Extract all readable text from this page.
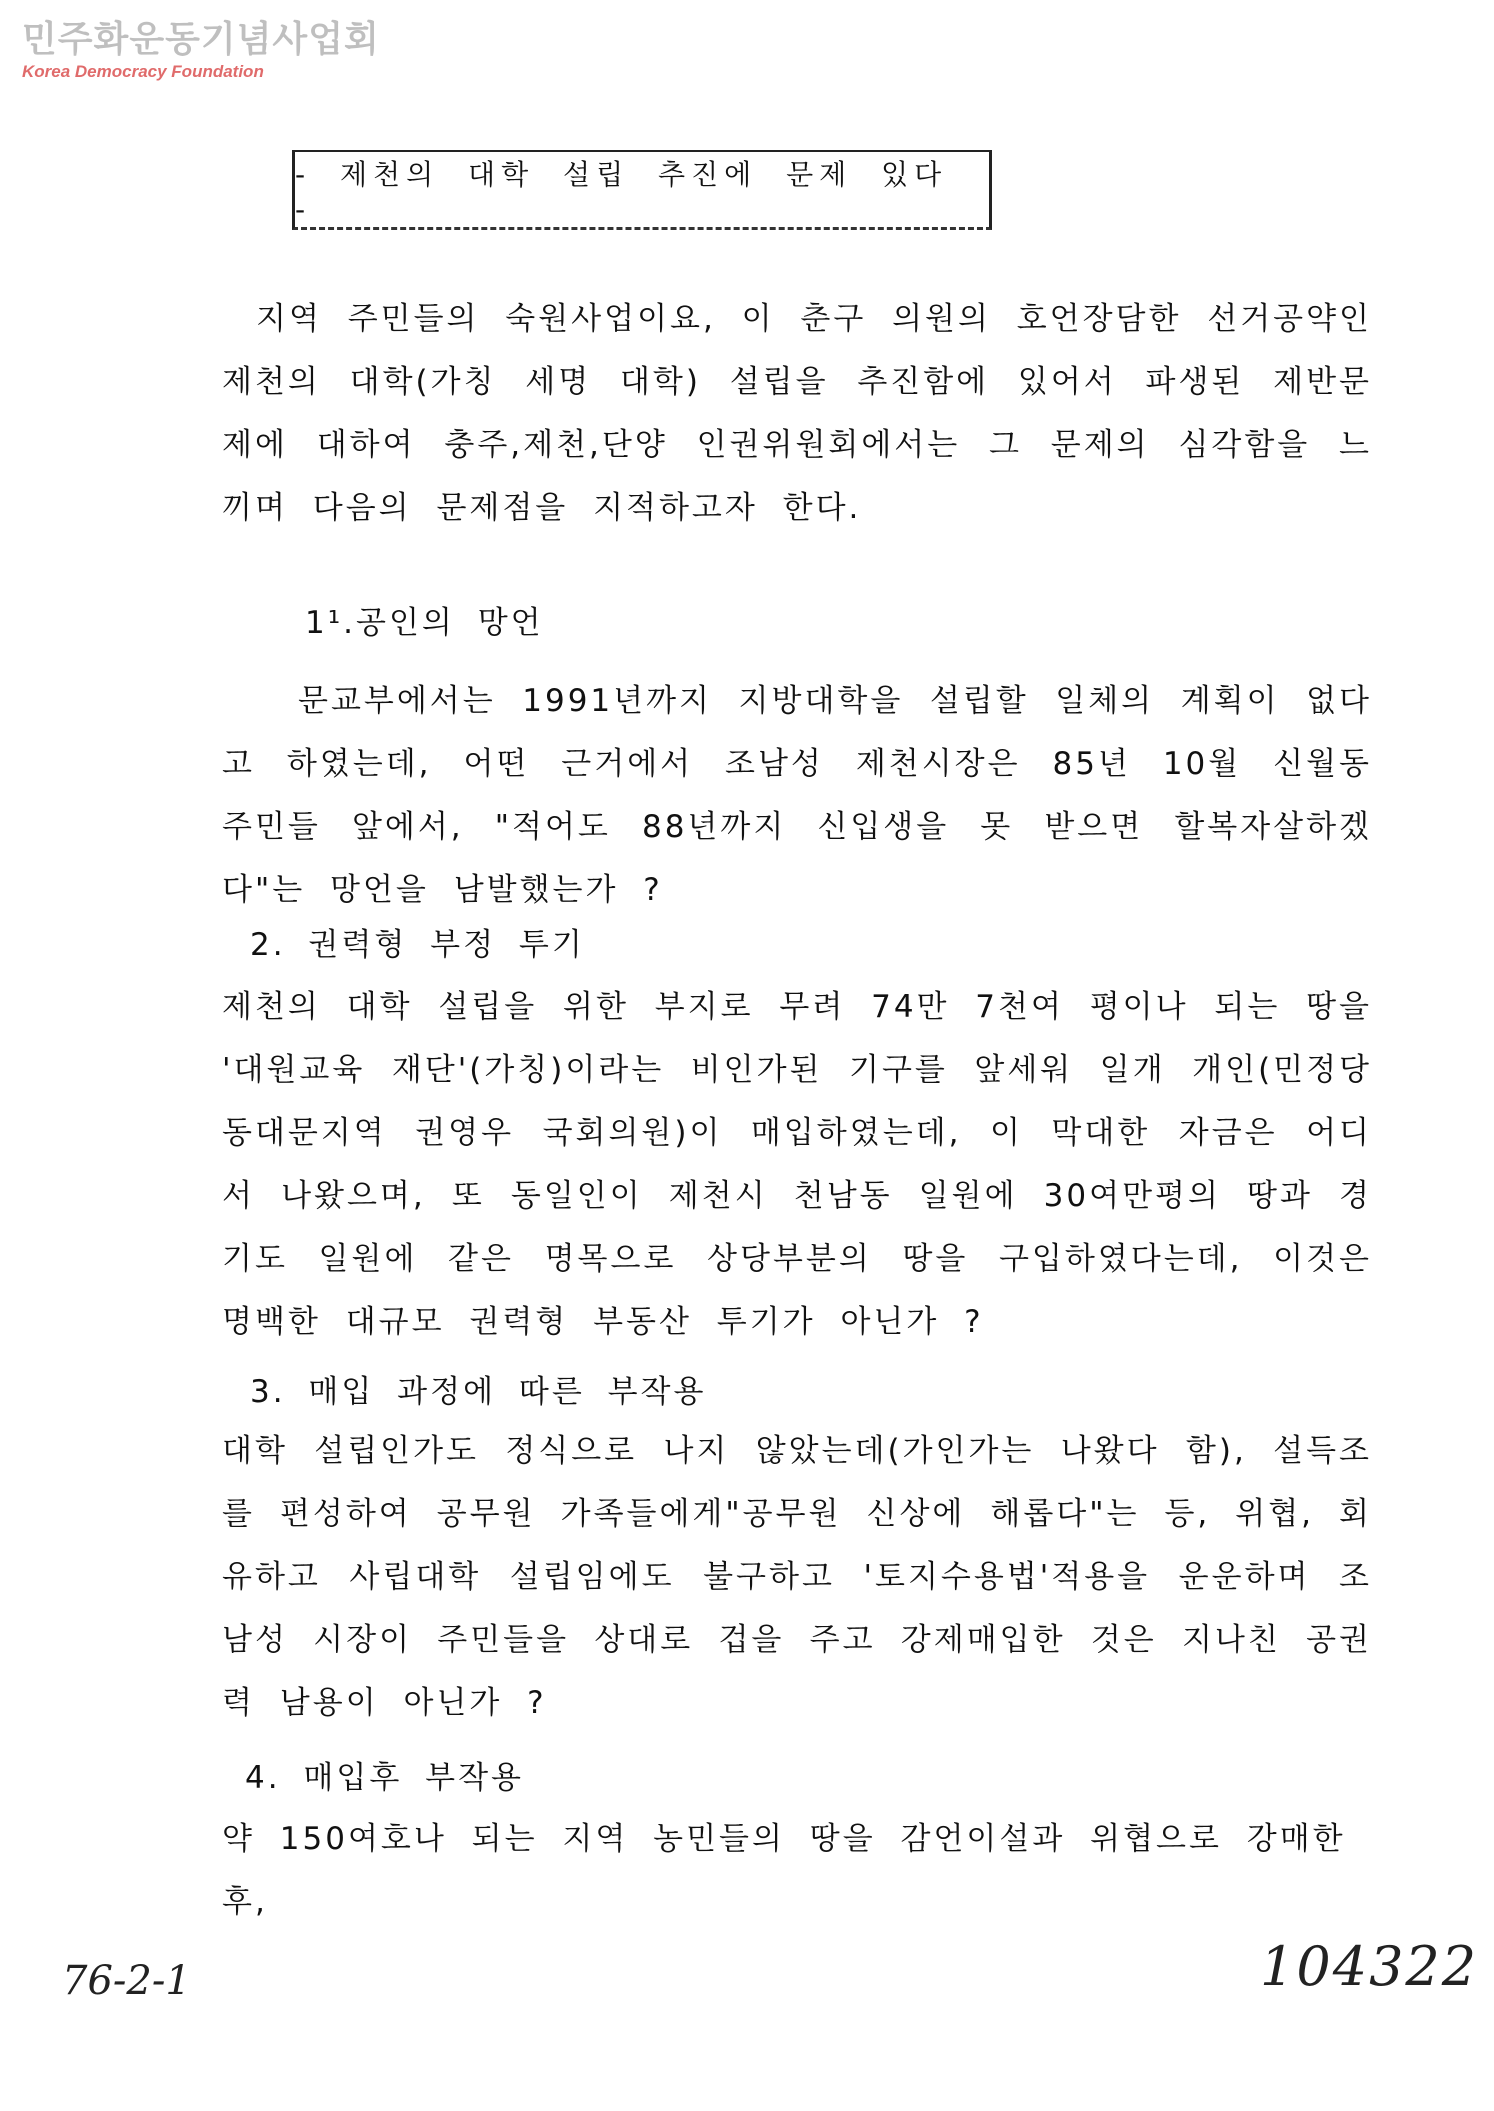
민주화운동기념사업회
Korea Democracy Foundation
- 제천의 대학 설립 추진에 문제 있다 -
지역 주민들의 숙원사업이요, 이 춘구 의원의 호언장담한 선거공약인 제천의 대학(가칭 세명 대학) 설립을 추진함에 있어서 파생된 제반문제에 대하여 충주,제천,단양 인권위원회에서는 그 문제의 심각함을 느끼며 다음의 문제점을 지적하고자 한다.
1¹.공인의 망언
문교부에서는 1991년까지 지방대학을 설립할 일체의 계획이 없다고 하였는데, 어떤 근거에서 조남성 제천시장은 85년 10월 신월동 주민들 앞에서, "적어도 88년까지 신입생을 못 받으면 할복자살하겠다"는 망언을 남발했는가 ?
2. 권력형 부정 투기
제천의 대학 설립을 위한 부지로 무려 74만 7천여 평이나 되는 땅을 '대원교육 재단'(가칭)이라는 비인가된 기구를 앞세워 일개 개인(민정당 동대문지역 권영우 국회의원)이 매입하였는데, 이 막대한 자금은 어디서 나왔으며, 또 동일인이 제천시 천남동 일원에 30여만평의 땅과 경기도 일원에 같은 명목으로 상당부분의 땅을 구입하였다는데, 이것은 명백한 대규모 권력형 부동산 투기가 아닌가 ?
3. 매입 과정에 따른 부작용
대학 설립인가도 정식으로 나지 않았는데(가인가는 나왔다 함), 설득조를 편성하여 공무원 가족들에게"공무원 신상에 해롭다"는 등, 위협, 회유하고 사립대학 설립임에도 불구하고 '토지수용법'적용을 운운하며 조남성 시장이 주민들을 상대로 겁을 주고 강제매입한 것은 지나친 공권력 남용이 아닌가 ?
4. 매입후 부작용
약 150여호나 되는 지역 농민들의 땅을 감언이설과 위협으로 강매한 후,
76-2-1	104322
